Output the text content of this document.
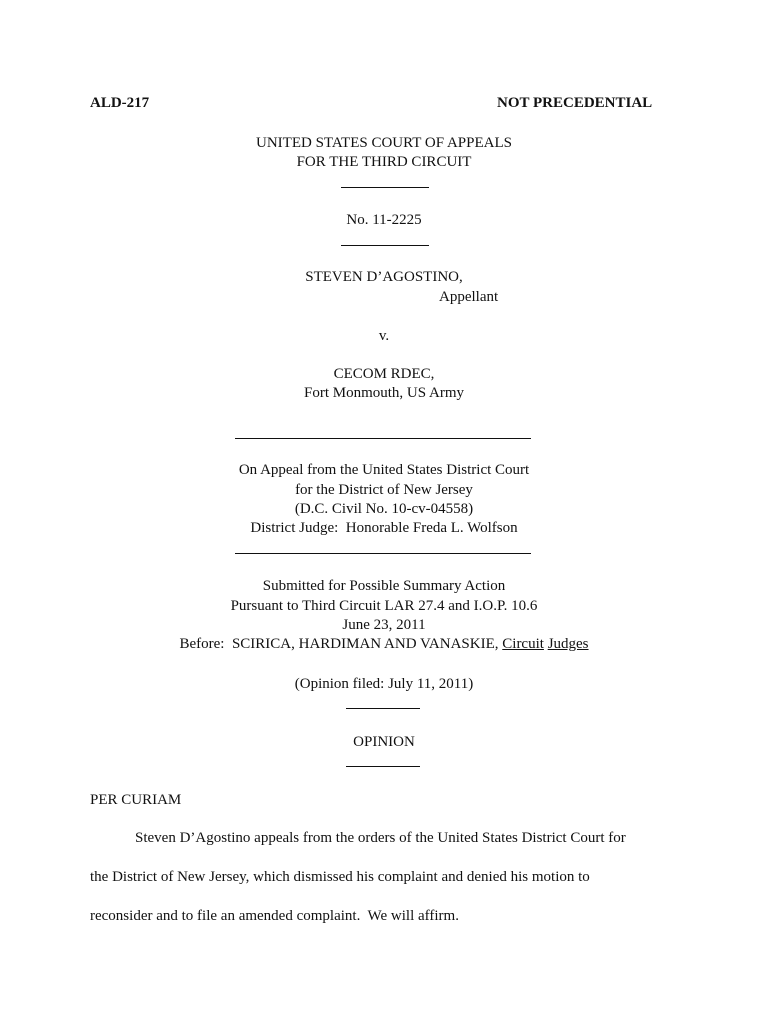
ALD-217	NOT PRECEDENTIAL
UNITED STATES COURT OF APPEALS
FOR THE THIRD CIRCUIT
No. 11-2225
STEVEN D’AGOSTINO,
Appellant
v.
CECOM RDEC,
Fort Monmouth, US Army
On Appeal from the United States District Court
for the District of New Jersey
(D.C. Civil No. 10-cv-04558)
District Judge:  Honorable Freda L. Wolfson
Submitted for Possible Summary Action
Pursuant to Third Circuit LAR 27.4 and I.O.P. 10.6
June 23, 2011
Before:  SCIRICA, HARDIMAN AND VANASKIE, Circuit Judges
(Opinion filed: July 11, 2011)
OPINION
PER CURIAM
Steven D’Agostino appeals from the orders of the United States District Court for
the District of New Jersey, which dismissed his complaint and denied his motion to
reconsider and to file an amended complaint.  We will affirm.
